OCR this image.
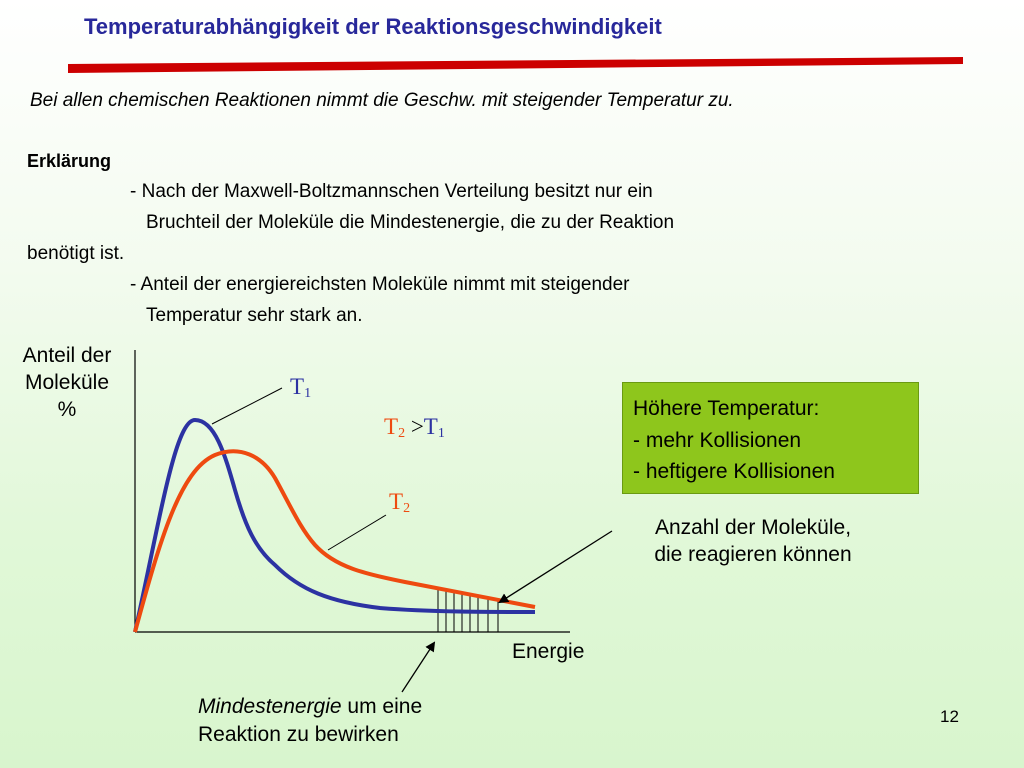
Temperaturabhängigkeit der Reaktionsgeschwindigkeit
Bei allen chemischen Reaktionen nimmt die Geschw. mit steigender Temperatur zu.
Erklärung
- Nach der Maxwell-Boltzmannschen Verteilung besitzt nur ein
Bruchteil der Moleküle die Mindestenergie, die zu der Reaktion
benötigt ist.
- Anteil der energiereichsten Moleküle nimmt mit steigender
Temperatur sehr stark an.
Anteil der
Moleküle
%
Energie
$T_1$
$T_2$
$T_2 >T_1$
Höhere Temperatur:
- mehr Kollisionen
- heftigere Kollisionen
Anzahl der Moleküle,
die reagieren können
Mindestenergie um eine
Reaktion zu bewirken
12
